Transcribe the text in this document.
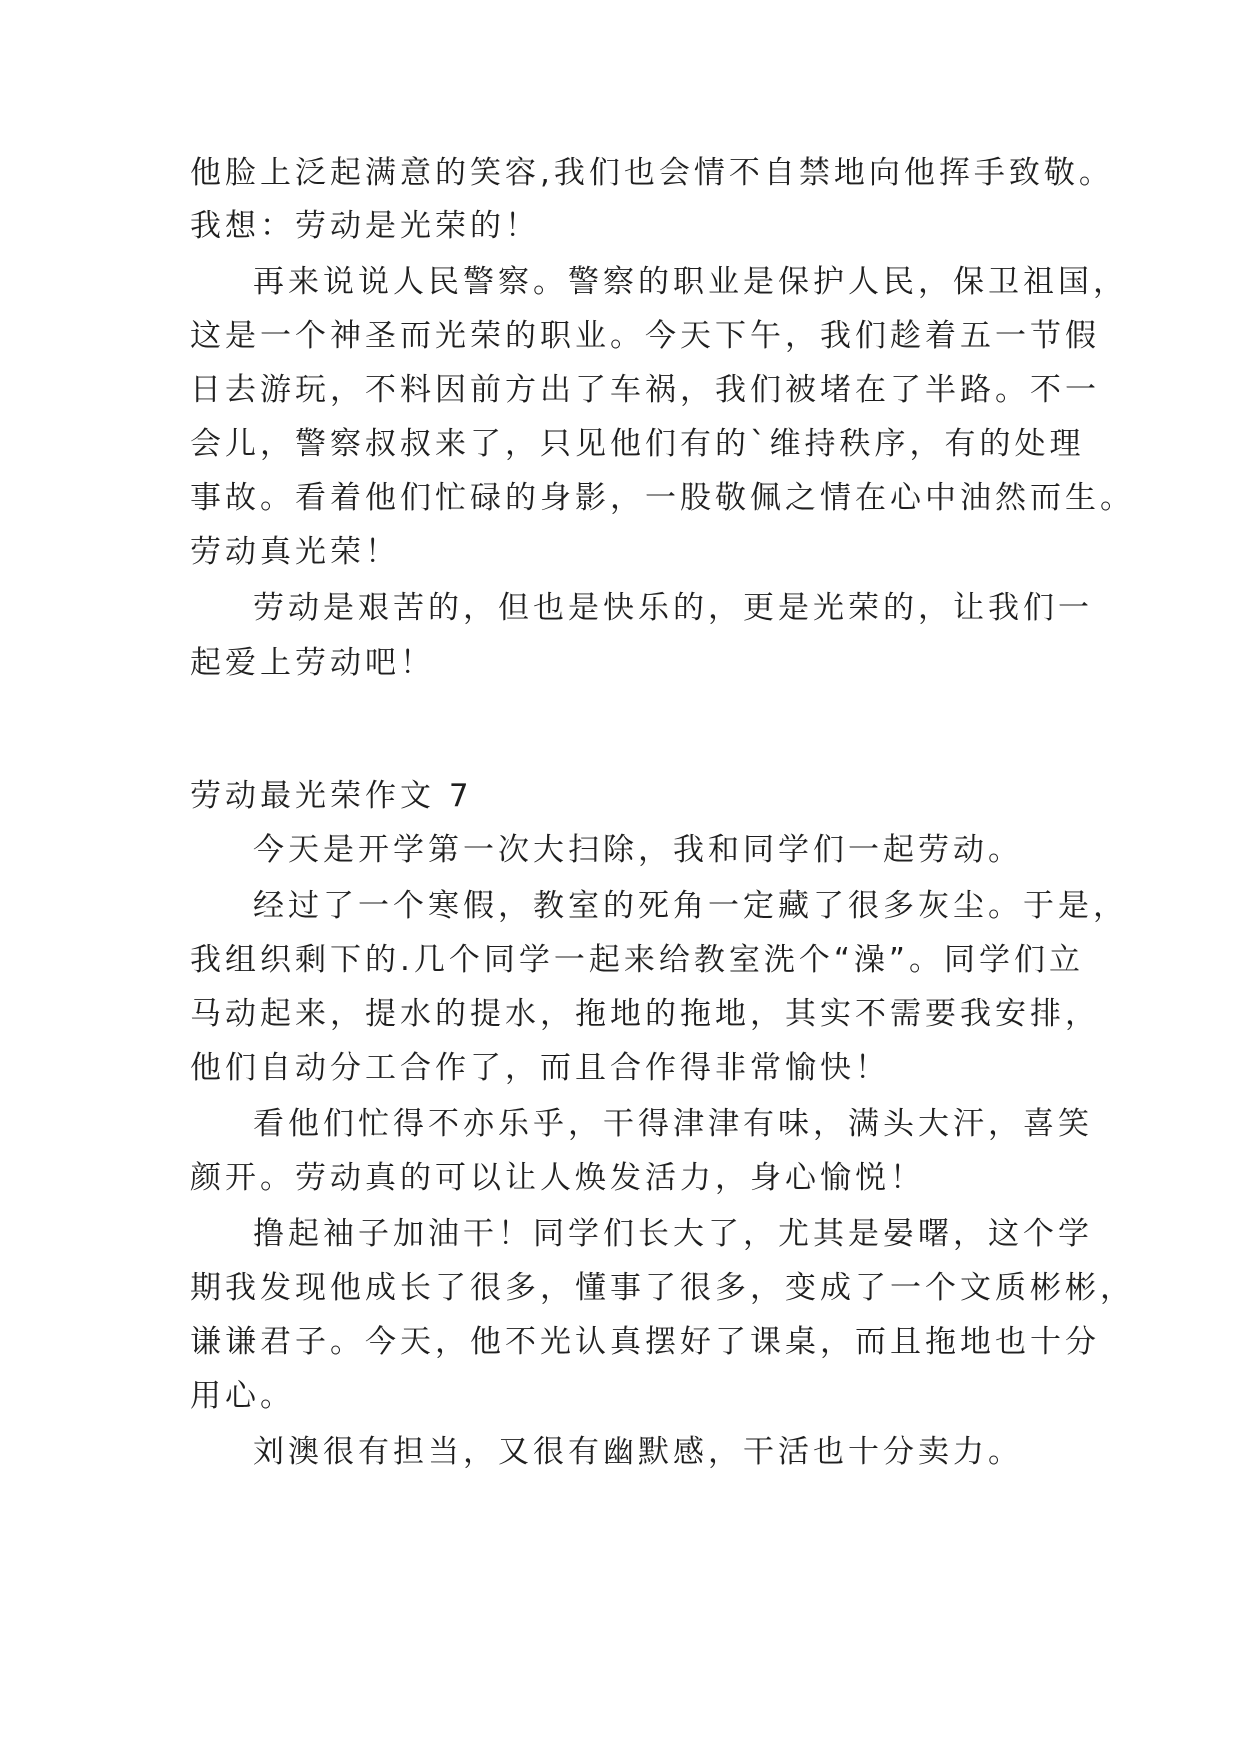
他脸上泛起满意的笑容,我们也会情不自禁地向他挥手致敬。
我想：劳动是光荣的！
再来说说人民警察。警察的职业是保护人民，保卫祖国，
这是一个神圣而光荣的职业。今天下午，我们趁着五一节假
日去游玩，不料因前方出了车祸，我们被堵在了半路。不一
会儿，警察叔叔来了，只见他们有的`维持秩序，有的处理
事故。看着他们忙碌的身影，一股敬佩之情在心中油然而生。
劳动真光荣！
劳动是艰苦的，但也是快乐的，更是光荣的，让我们一
起爱上劳动吧！
劳动最光荣作文 7
今天是开学第一次大扫除，我和同学们一起劳动。
经过了一个寒假，教室的死角一定藏了很多灰尘。于是，
我组织剩下的.几个同学一起来给教室洗个“澡”。同学们立
马动起来，提水的提水，拖地的拖地，其实不需要我安排，
他们自动分工合作了，而且合作得非常愉快！
看他们忙得不亦乐乎，干得津津有味，满头大汗，喜笑
颜开。劳动真的可以让人焕发活力，身心愉悦！
撸起袖子加油干！同学们长大了，尤其是晏曙，这个学
期我发现他成长了很多，懂事了很多，变成了一个文质彬彬，
谦谦君子。今天，他不光认真摆好了课桌，而且拖地也十分
用心。
刘澳很有担当，又很有幽默感，干活也十分卖力。
